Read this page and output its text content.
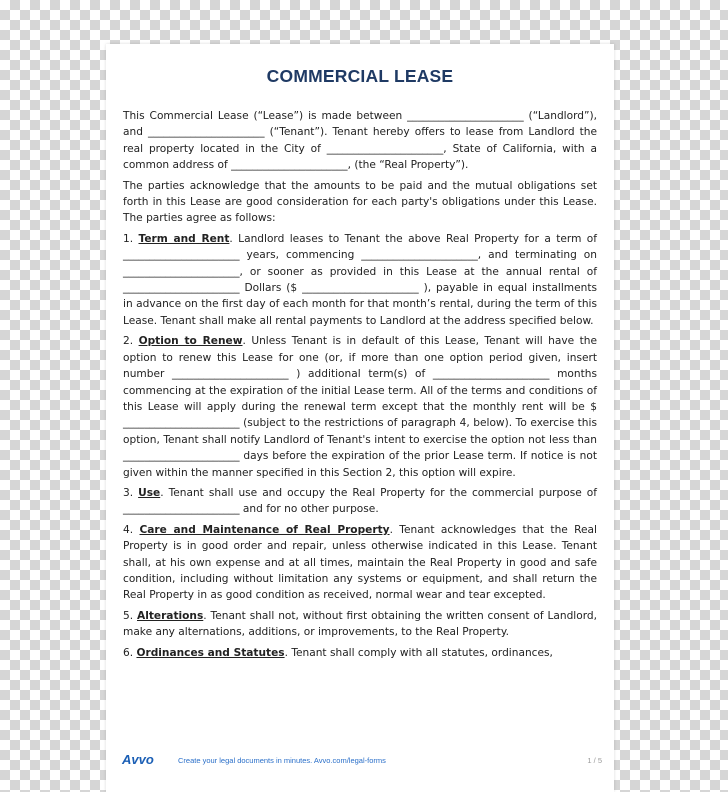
COMMERCIAL LEASE

This Commercial Lease (“Lease”) is made between ______________________ (“Landlord”), and ______________________ (“Tenant”). Tenant hereby offers to lease from Landlord the real property located in the City of ______________________, State of California, with a common address of ______________________, (the “Real Property”).

The parties acknowledge that the amounts to be paid and the mutual obligations set forth in this Lease are good consideration for each party's obligations under this Lease. The parties agree as follows:

1. Term and Rent. Landlord leases to Tenant the above Real Property for a term of ______________________ years, commencing ______________________, and terminating on ______________________, or sooner as provided in this Lease at the annual rental of ______________________ Dollars ($ ______________________ ), payable in equal installments in advance on the first day of each month for that month’s rental, during the term of this Lease. Tenant shall make all rental payments to Landlord at the address specified below.

2. Option to Renew. Unless Tenant is in default of this Lease, Tenant will have the option to renew this Lease for one (or, if more than one option period given, insert number ______________________ ) additional term(s) of ______________________ months commencing at the expiration of the initial Lease term. All of the terms and conditions of this Lease will apply during the renewal term except that the monthly rent will be $ ______________________ (subject to the restrictions of paragraph 4, below). To exercise this option, Tenant shall notify Landlord of Tenant's intent to exercise the option not less than ______________________ days before the expiration of the prior Lease term. If notice is not given within the manner specified in this Section 2, this option will expire.

3. Use. Tenant shall use and occupy the Real Property for the commercial purpose of ______________________ and for no other purpose.

4. Care and Maintenance of Real Property. Tenant acknowledges that the Real Property is in good order and repair, unless otherwise indicated in this Lease. Tenant shall, at his own expense and at all times, maintain the Real Property in good and safe condition, including without limitation any systems or equipment, and shall return the Real Property in as good condition as received, normal wear and tear excepted.

5. Alterations. Tenant shall not, without first obtaining the written consent of Landlord, make any alternations, additions, or improvements, to the Real Property.

6. Ordinances and Statutes. Tenant shall comply with all statutes, ordinances,

Avvo	Create your legal documents in minutes. Avvo.com/legal-forms	1 / 5
